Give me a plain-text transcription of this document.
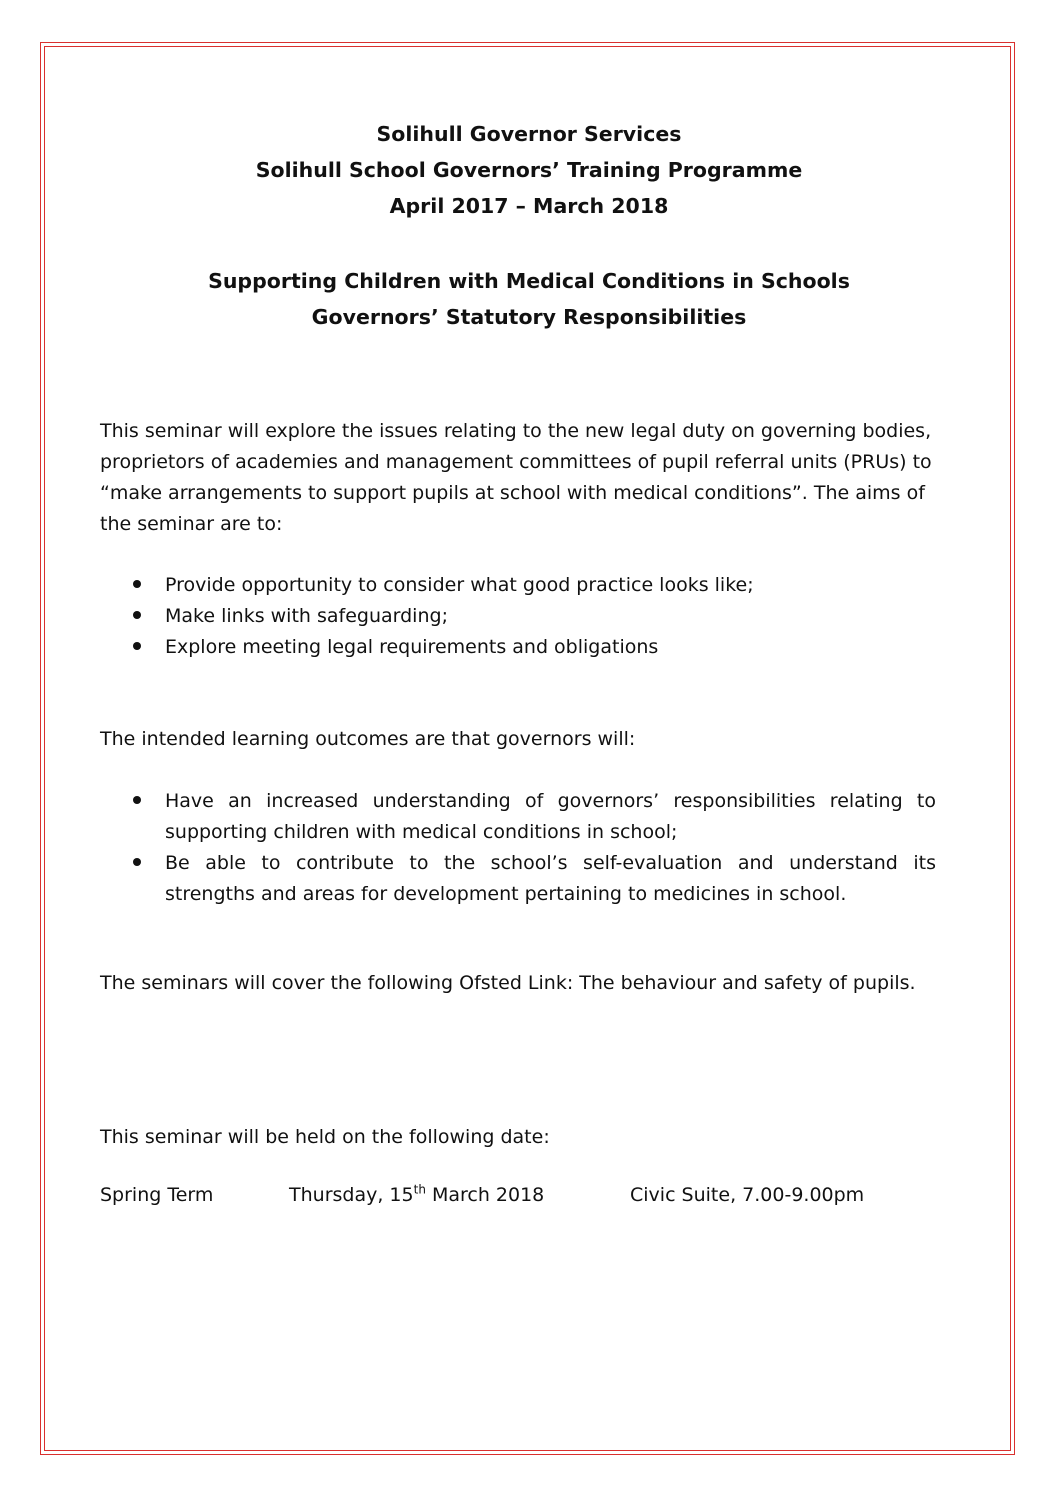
Solihull Governor Services
Solihull School Governors’ Training Programme
April 2017 – March 2018
Supporting Children with Medical Conditions in Schools
Governors’ Statutory Responsibilities
This seminar will explore the issues relating to the new legal duty on governing bodies, proprietors of academies and management committees of pupil referral units (PRUs) to “make arrangements to support pupils at school with medical conditions”. The aims of the seminar are to:
Provide opportunity to consider what good practice looks like;
Make links with safeguarding;
Explore meeting legal requirements and obligations
The intended learning outcomes are that governors will:
Have an increased understanding of governors’ responsibilities relating to supporting children with medical conditions in school;
Be able to contribute to the school’s self-evaluation and understand its strengths and areas for development pertaining to medicines in school.
The seminars will cover the following Ofsted Link: The behaviour and safety of pupils.
This seminar will be held on the following date:
Spring Term	Thursday, 15th March 2018	Civic Suite, 7.00-9.00pm
